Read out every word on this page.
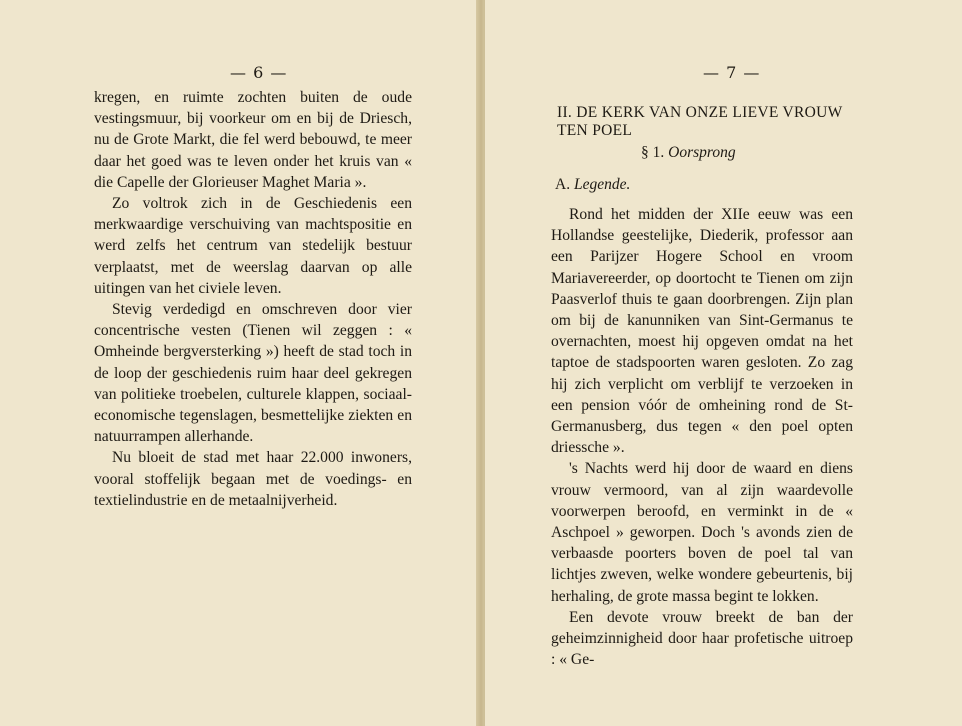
— 6 —

kregen, en ruimte zochten buiten de oude vestingsmuur, bij voorkeur om en bij de Driesch, nu de Grote Markt, die fel werd bebouwd, te meer daar het goed was te leven onder het kruis van « die Capelle der Glorieuser Maghet Maria ».

Zo voltrok zich in de Geschiedenis een merkwaardige verschuiving van machtspositie en werd zelfs het centrum van stedelijk bestuur verplaatst, met de weerslag daarvan op alle uitingen van het civiele leven.

Stevig verdedigd en omschreven door vier concentrische vesten (Tienen wil zeggen : « Omheinde bergversterking ») heeft de stad toch in de loop der geschiedenis ruim haar deel gekregen van politieke troebelen, culturele klappen, sociaal-economische tegenslagen, besmettelijke ziekten en natuurrampen allerhande.

Nu bloeit de stad met haar 22.000 inwoners, vooral stoffelijk begaan met de voedings- en textielindustrie en de metaalnijverheid.

— 7 —
II. DE KERK VAN ONZE LIEVE VROUW TEN POEL
§ 1. Oorsprong
A. Legende.

Rond het midden der XIIe eeuw was een Hollandse geestelijke, Diederik, professor aan een Parijzer Hogere School en vroom Mariavereerder, op doortocht te Tienen om zijn Paasverlof thuis te gaan doorbrengen. Zijn plan om bij de kanunniken van Sint-Germanus te overnachten, moest hij opgeven omdat na het taptoe de stadspoorten waren gesloten. Zo zag hij zich verplicht om verblijf te verzoeken in een pension vóór de omheining rond de St-Germanusberg, dus tegen « den poel opten driessche ».

's Nachts werd hij door de waard en diens vrouw vermoord, van al zijn waardevolle voorwerpen beroofd, en verminkt in de « Aschpoel » geworpen. Doch 's avonds zien de verbaasde poorters boven de poel tal van lichtjes zweven, welke wondere gebeurtenis, bij herhaling, de grote massa begint te lokken.

Een devote vrouw breekt de ban der geheimzinnigheid door haar profetische uitroep : « Ge-
